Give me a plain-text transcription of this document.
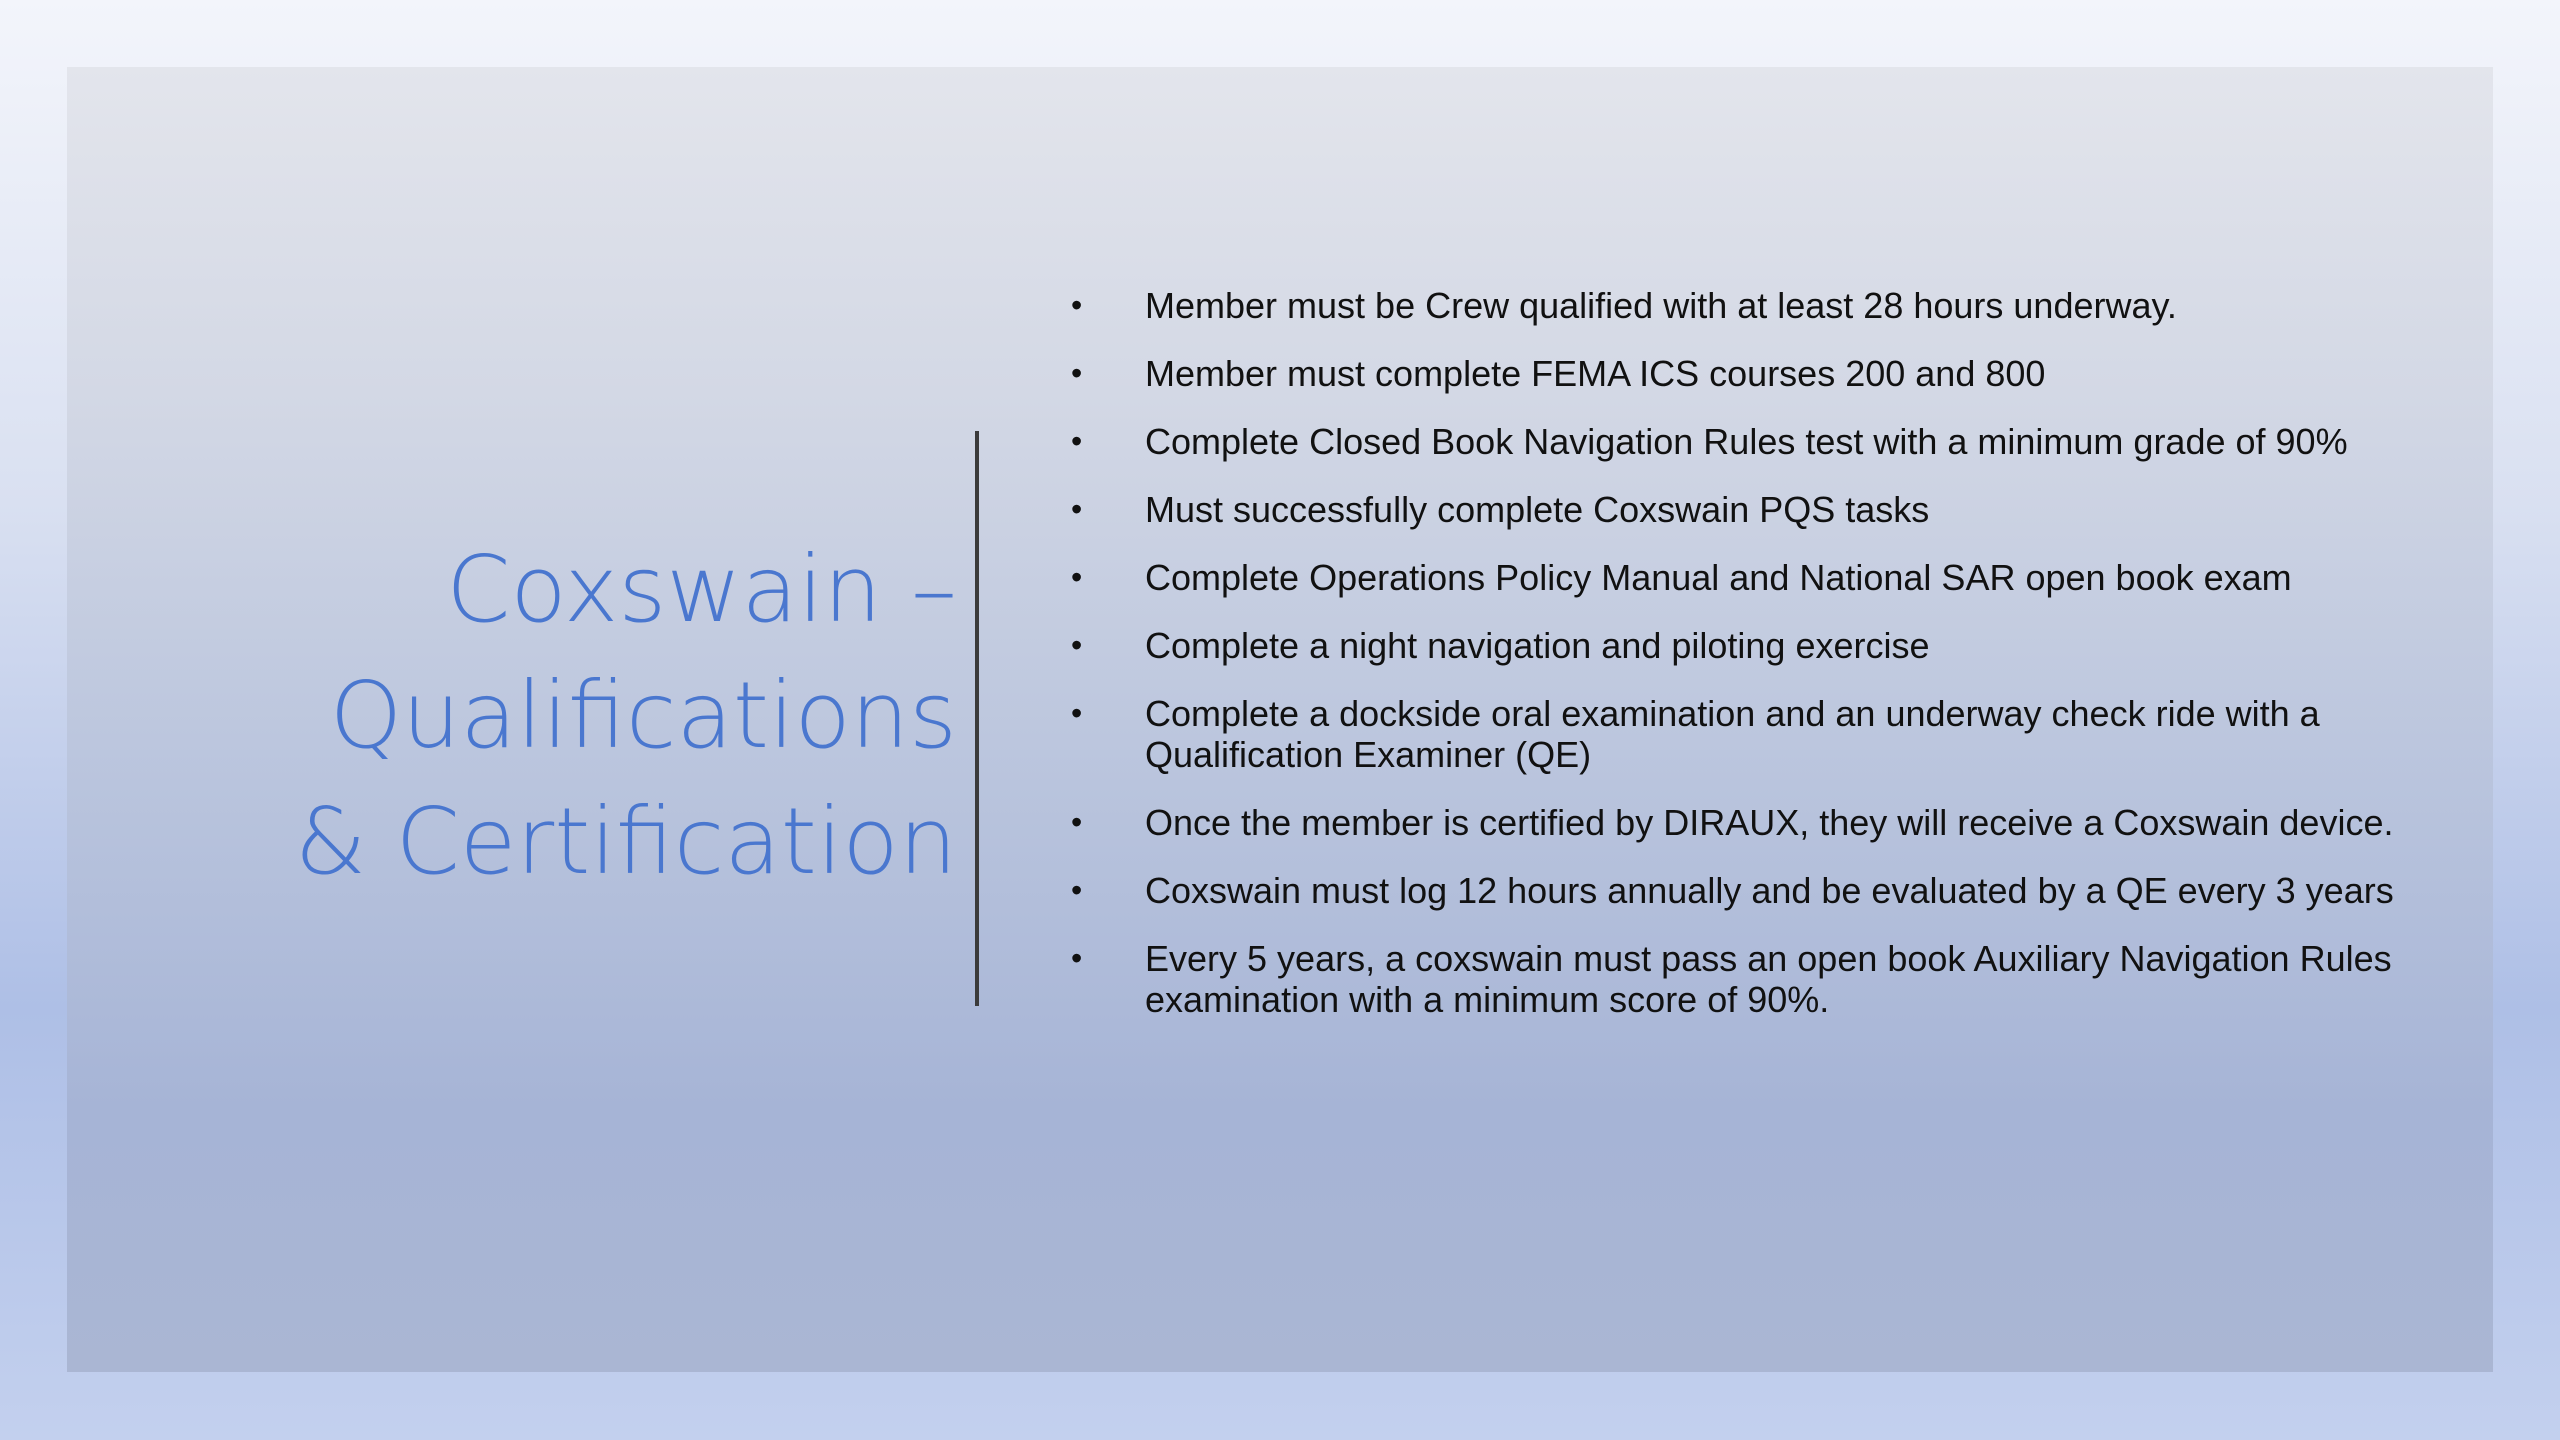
Coxswain –
Qualifications
& Certification
• Member must be Crew qualified with at least 28 hours underway.
• Member must complete FEMA ICS courses 200 and 800
• Complete Closed Book Navigation Rules test with a minimum grade of 90%
• Must successfully complete Coxswain PQS tasks
• Complete Operations Policy Manual and National SAR open book exam
• Complete a night navigation and piloting exercise
• Complete a dockside oral examination and an underway check ride with a Qualification Examiner (QE)
• Once the member is certified by DIRAUX, they will receive a Coxswain device.
• Coxswain must log 12 hours annually and be evaluated by a QE every 3 years
• Every 5 years, a coxswain must pass an open book Auxiliary Navigation Rules examination with a minimum score of 90%.
